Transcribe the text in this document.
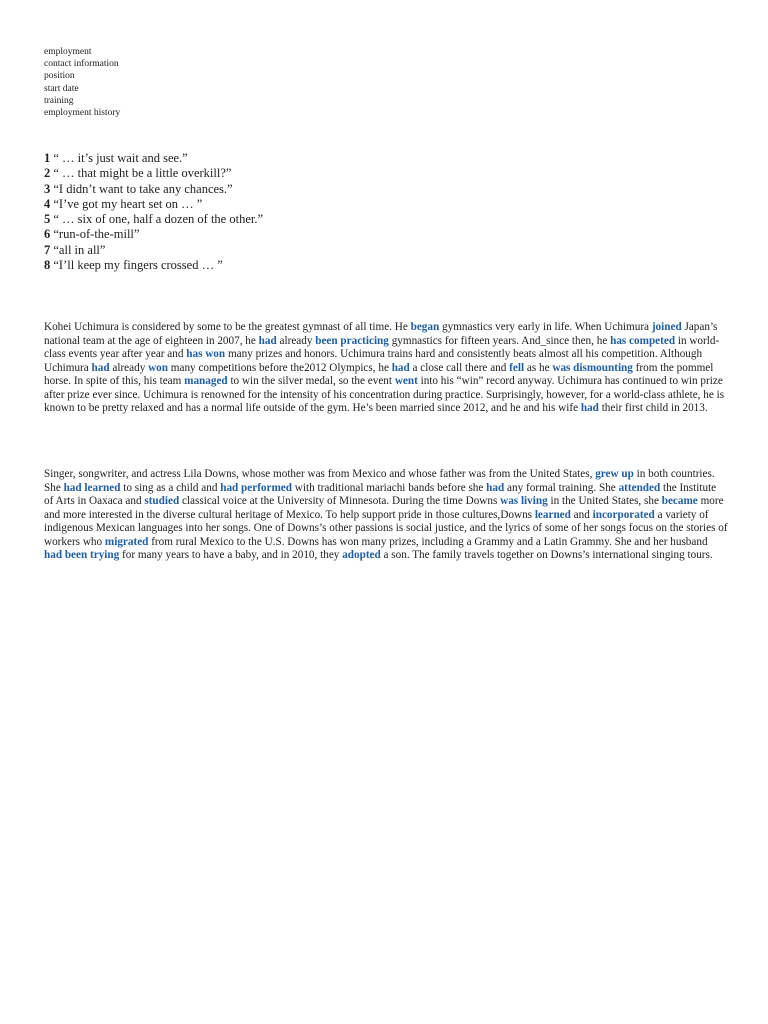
employment
contact information
position
start date
training
employment history
1 “ … it’s just wait and see.”
2 “ … that might be a little overkill?”
3 “I didn’t want to take any chances.”
4 “I’ve got my heart set on … ”
5 “ … six of one, half a dozen of the other.”
6 “run-of-the-mill”
7 “all in all”
8 “I’ll keep my fingers crossed … ”

Kohei Uchimura is considered by some to be the greatest gymnast of all time. He began gymnastics very early in life. When Uchimura joined Japan’s national team at the age of eighteen in 2007, he had already been practicing gymnastics for fifteen years. And_since then, he has competed in world-class events year after year and has won many prizes and honors. Uchimura trains hard and consistently beats almost all his competition. Although Uchimura had already won many competitions before the2012 Olympics, he had a close call there and fell as he was dismounting from the pommel horse. In spite of this, his team managed to win the silver medal, so the event went into his “win” record anyway. Uchimura has continued to win prize after prize ever since. Uchimura is renowned for the intensity of his concentration during practice. Surprisingly, however, for a world-class athlete, he is known to be pretty relaxed and has a normal life outside of the gym. He’s been married since 2012, and he and his wife had their first child in 2013.

Singer, songwriter, and actress Lila Downs, whose mother was from Mexico and whose father was from the United States, grew up in both countries. She had learned to sing as a child and had performed with traditional mariachi bands before she had any formal training. She attended the Institute of Arts in Oaxaca and studied classical voice at the University of Minnesota. During the time Downs was living in the United States, she became more and more interested in the diverse cultural heritage of Mexico. To help support pride in those cultures,Downs learned and incorporated a variety of indigenous Mexican languages into her songs. One of Downs’s other passions is social justice, and the lyrics of some of her songs focus on the stories of workers who migrated from rural Mexico to the U.S. Downs has won many prizes, including a Grammy and a Latin Grammy. She and her husband had been trying for many years to have a baby, and in 2010, they adopted a son. The family travels together on Downs’s international singing tours.
